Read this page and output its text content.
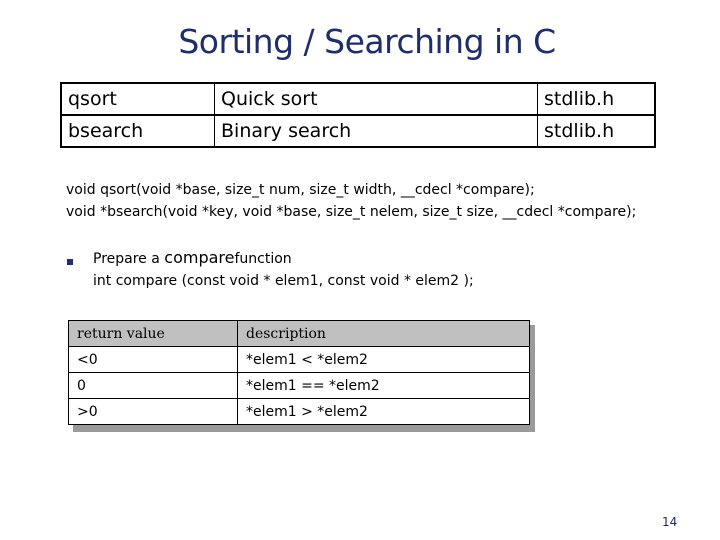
Sorting / Searching in C
qsort	Quick sort	stdlib.h
bsearch	Binary search	stdlib.h
void qsort(void *base, size_t num, size_t width, __cdecl *compare);
void *bsearch(void *key, void *base, size_t nelem, size_t size, __cdecl *compare);
Prepare a comparefunction
int compare (const void * elem1, const void * elem2 );
return value	description
<0	*elem1 < *elem2
0	*elem1 == *elem2
>0	*elem1 > *elem2
14
